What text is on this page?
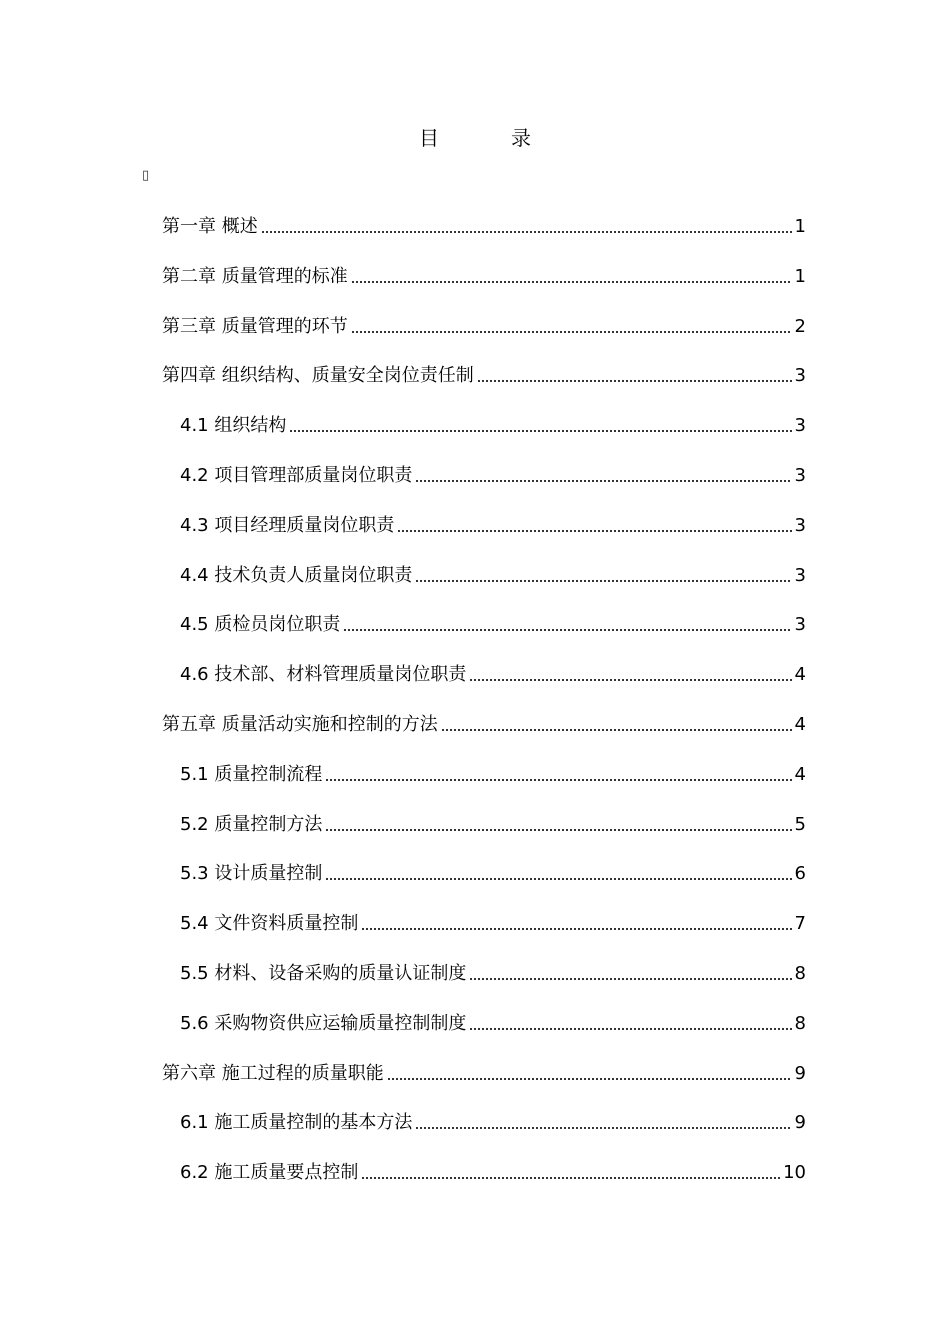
目　录
▯
第一章 概述	1
第二章 质量管理的标准	1
第三章 质量管理的环节	2
第四章 组织结构、质量安全岗位责任制	3
4.1 组织结构	3
4.2 项目管理部质量岗位职责	3
4.3 项目经理质量岗位职责	3
4.4 技术负责人质量岗位职责	3
4.5 质检员岗位职责	3
4.6 技术部、材料管理质量岗位职责	4
第五章 质量活动实施和控制的方法	4
5.1 质量控制流程	4
5.2 质量控制方法	5
5.3 设计质量控制	6
5.4 文件资料质量控制	7
5.5 材料、设备采购的质量认证制度	8
5.6 采购物资供应运输质量控制制度	8
第六章 施工过程的质量职能	9
6.1 施工质量控制的基本方法	9
6.2 施工质量要点控制	10
